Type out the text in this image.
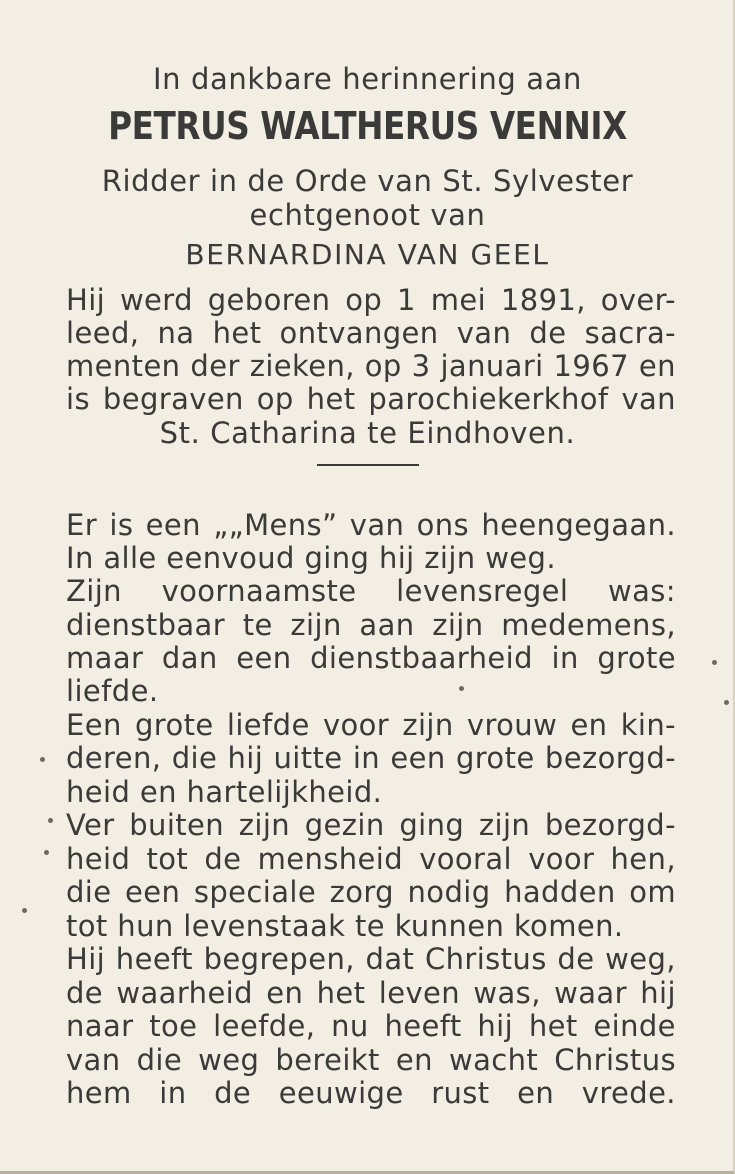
In dankbare herinnering aan
PETRUS WALTHERUS VENNIX
Ridder in de Orde van St. Sylvester
echtgenoot van
BERNARDINA VAN GEEL
Hij werd geboren op 1 mei 1891, over-
leed, na het ontvangen van de sacra-
menten der zieken, op 3 januari 1967 en
is begraven op het parochiekerkhof van
St. Catharina te Eindhoven.
Er is een „„Mens” van ons heengegaan.
In alle eenvoud ging hij zijn weg.
Zijn voornaamste levensregel was:
dienstbaar te zijn aan zijn medemens,
maar dan een dienstbaarheid in grote
liefde.
Een grote liefde voor zijn vrouw en kin-
deren, die hij uitte in een grote bezorgd-
heid en hartelijkheid.
Ver buiten zijn gezin ging zijn bezorgd-
heid tot de mensheid vooral voor hen,
die een speciale zorg nodig hadden om
tot hun levenstaak te kunnen komen.
Hij heeft begrepen, dat Christus de weg,
de waarheid en het leven was, waar hij
naar toe leefde, nu heeft hij het einde
van die weg bereikt en wacht Christus
hem in de eeuwige rust en vrede.
